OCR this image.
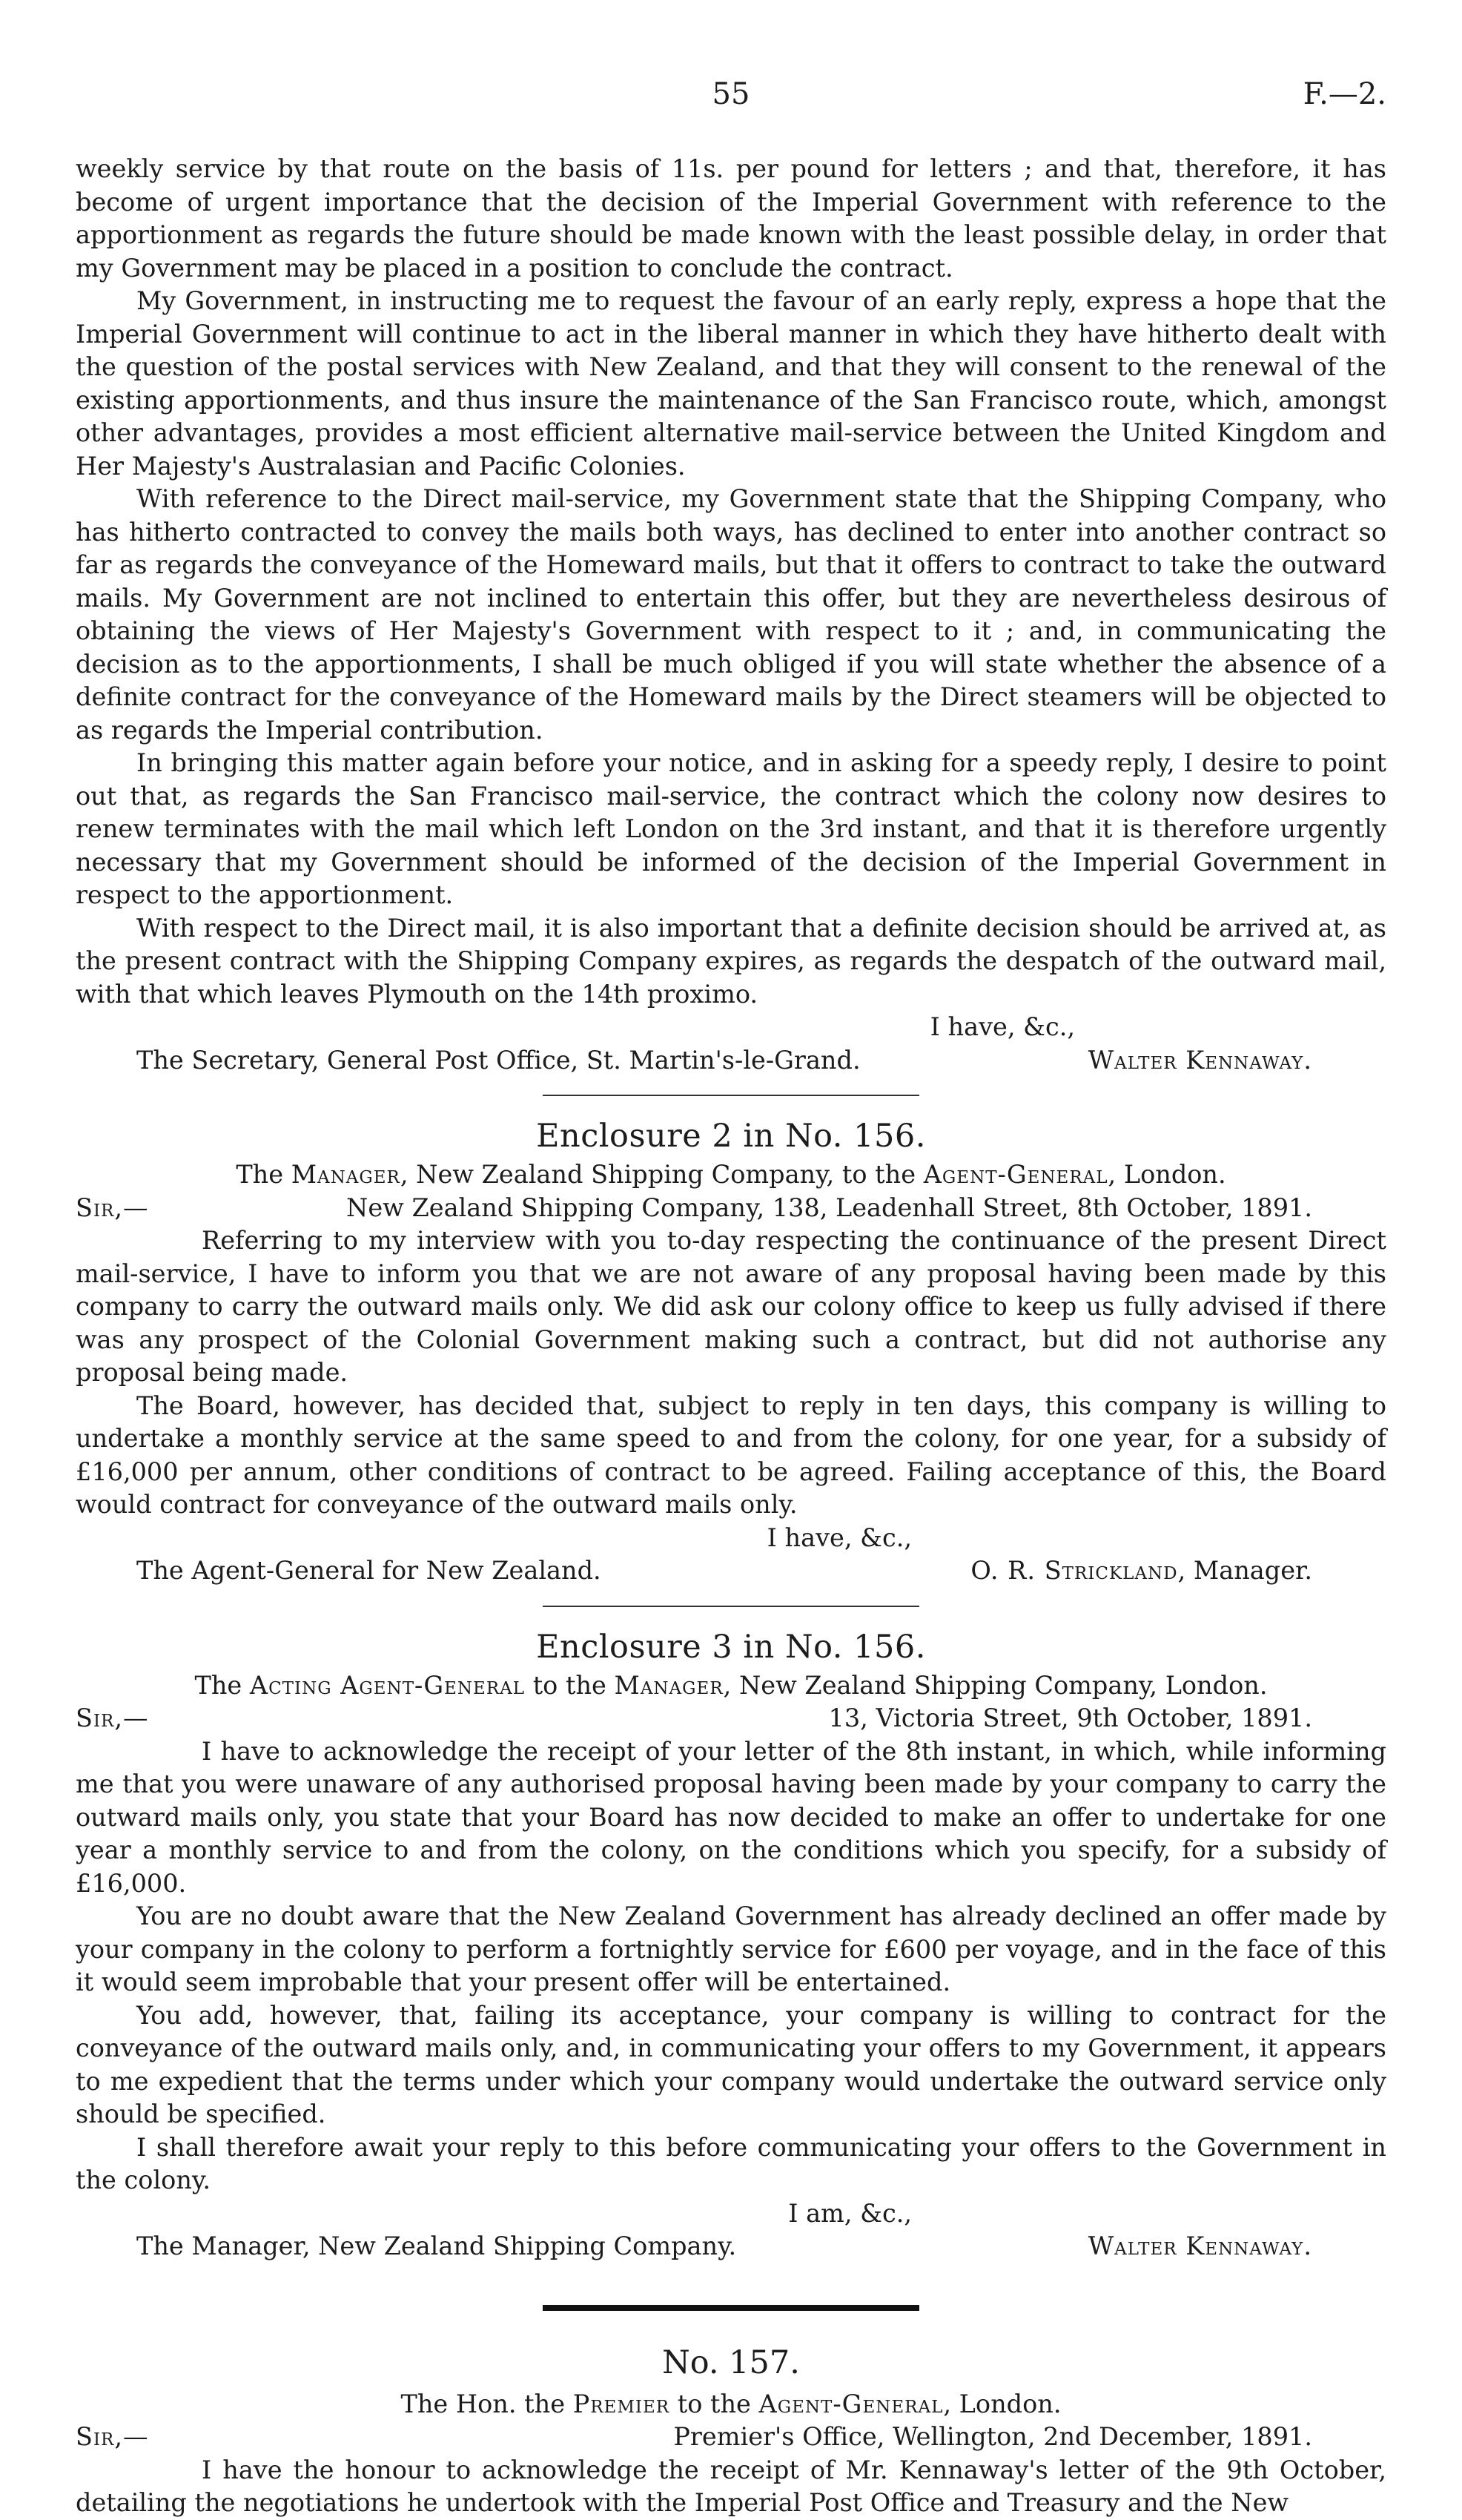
55	F.—2.

weekly service by that route on the basis of 11s. per pound for letters ; and that, therefore, it has become of urgent importance that the decision of the Imperial Government with reference to the apportionment as regards the future should be made known with the least possible delay, in order that my Government may be placed in a position to conclude the contract.

My Government, in instructing me to request the favour of an early reply, express a hope that the Imperial Government will continue to act in the liberal manner in which they have hitherto dealt with the question of the postal services with New Zealand, and that they will consent to the renewal of the existing apportionments, and thus insure the maintenance of the San Francisco route, which, amongst other advantages, provides a most efficient alternative mail-service between the United Kingdom and Her Majesty's Australasian and Pacific Colonies.

With reference to the Direct mail-service, my Government state that the Shipping Company, who has hitherto contracted to convey the mails both ways, has declined to enter into another contract so far as regards the conveyance of the Homeward mails, but that it offers to contract to take the outward mails. My Government are not inclined to entertain this offer, but they are nevertheless desirous of obtaining the views of Her Majesty's Government with respect to it ; and, in communicating the decision as to the apportionments, I shall be much obliged if you will state whether the absence of a definite contract for the conveyance of the Homeward mails by the Direct steamers will be objected to as regards the Imperial contribution.

In bringing this matter again before your notice, and in asking for a speedy reply, I desire to point out that, as regards the San Francisco mail-service, the contract which the colony now desires to renew terminates with the mail which left London on the 3rd instant, and that it is therefore urgently necessary that my Government should be informed of the decision of the Imperial Government in respect to the apportionment.

With respect to the Direct mail, it is also important that a definite decision should be arrived at, as the present contract with the Shipping Company expires, as regards the despatch of the outward mail, with that which leaves Plymouth on the 14th proximo.

I have, &c.,
The Secretary, General Post Office, St. Martin's-le-Grand.	Walter Kennaway.
Enclosure 2 in No. 156.
The Manager, New Zealand Shipping Company, to the Agent-General, London.
Sir,—	New Zealand Shipping Company, 138, Leadenhall Street, 8th October, 1891.

Referring to my interview with you to-day respecting the continuance of the present Direct mail-service, I have to inform you that we are not aware of any proposal having been made by this company to carry the outward mails only. We did ask our colony office to keep us fully advised if there was any prospect of the Colonial Government making such a contract, but did not authorise any proposal being made.

The Board, however, has decided that, subject to reply in ten days, this company is willing to undertake a monthly service at the same speed to and from the colony, for one year, for a subsidy of £16,000 per annum, other conditions of contract to be agreed. Failing acceptance of this, the Board would contract for conveyance of the outward mails only.

I have, &c.,
The Agent-General for New Zealand.	O. R. Strickland, Manager.
Enclosure 3 in No. 156.
The Acting Agent-General to the Manager, New Zealand Shipping Company, London.
Sir,—	13, Victoria Street, 9th October, 1891.

I have to acknowledge the receipt of your letter of the 8th instant, in which, while informing me that you were unaware of any authorised proposal having been made by your company to carry the outward mails only, you state that your Board has now decided to make an offer to undertake for one year a monthly service to and from the colony, on the conditions which you specify, for a subsidy of £16,000.

You are no doubt aware that the New Zealand Government has already declined an offer made by your company in the colony to perform a fortnightly service for £600 per voyage, and in the face of this it would seem improbable that your present offer will be entertained.

You add, however, that, failing its acceptance, your company is willing to contract for the conveyance of the outward mails only, and, in communicating your offers to my Government, it appears to me expedient that the terms under which your company would undertake the outward service only should be specified.

I shall therefore await your reply to this before communicating your offers to the Government in the colony.

I am, &c.,
The Manager, New Zealand Shipping Company.	Walter Kennaway.
No. 157.
The Hon. the Premier to the Agent-General, London.
Sir,—	Premier's Office, Wellington, 2nd December, 1891.

I have the honour to acknowledge the receipt of Mr. Kennaway's letter of the 9th October, detailing the negotiations he undertook with the Imperial Post Office and Treasury and the New
